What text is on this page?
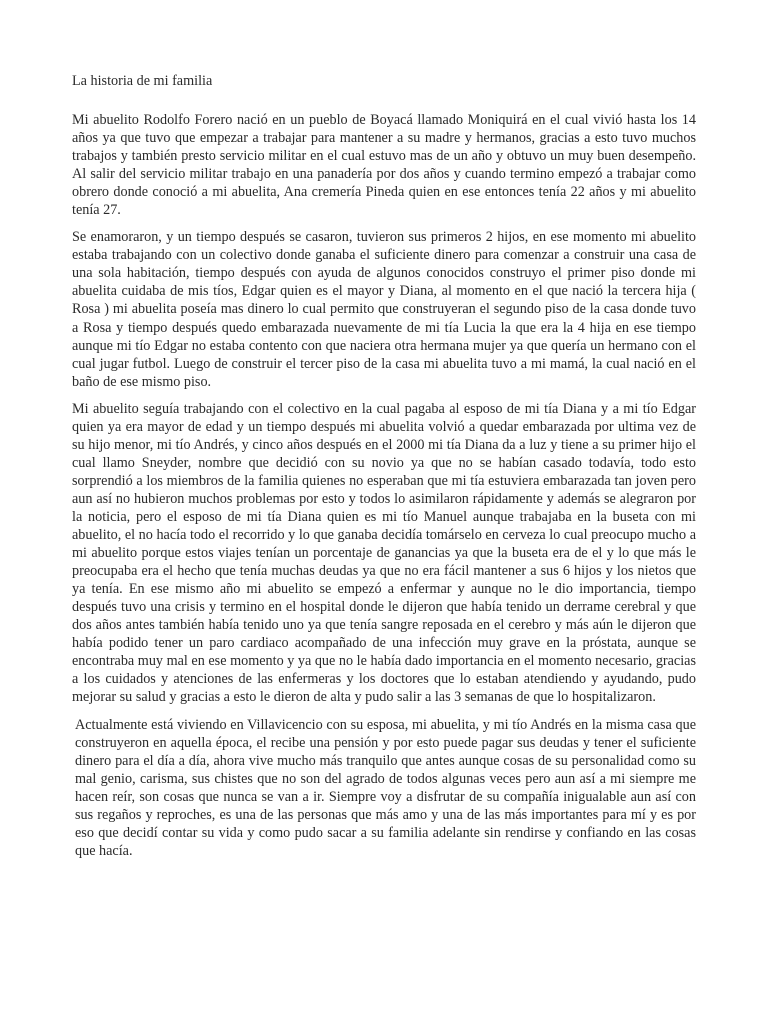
La historia de mi familia

Mi abuelito Rodolfo Forero nació en un pueblo de Boyacá llamado Moniquirá en el cual vivió hasta los 14 años ya que tuvo que empezar a trabajar para mantener a su madre y hermanos, gracias a esto tuvo muchos trabajos y también presto servicio militar en el cual estuvo mas de un año y obtuvo un muy buen desempeño. Al salir del servicio militar trabajo en una panadería por dos años y cuando termino empezó a trabajar como obrero donde conoció a mi abuelita, Ana cremería Pineda quien en ese entonces tenía 22 años y mi abuelito tenía 27.

Se enamoraron, y un tiempo después se casaron, tuvieron sus primeros 2 hijos, en ese momento mi abuelito estaba trabajando con un colectivo donde ganaba el suficiente dinero para comenzar a construir una casa de una sola habitación, tiempo después con ayuda de algunos conocidos construyo el primer piso donde mi abuelita cuidaba de mis tíos, Edgar quien es el mayor y Diana, al momento en el que nació la tercera hija ( Rosa ) mi abuelita poseía mas dinero lo cual permito que construyeran el segundo piso de la casa donde tuvo a Rosa y tiempo después quedo embarazada nuevamente de mi tía Lucia la que era la 4 hija en ese tiempo aunque mi tío Edgar no estaba contento con que naciera otra hermana mujer ya que quería un hermano con el cual jugar futbol. Luego de construir el tercer piso de la casa mi abuelita tuvo a mi mamá, la cual nació en el baño de ese mismo piso.

Mi abuelito seguía trabajando con el colectivo en la cual pagaba al esposo de mi tía Diana y a mi tío Edgar quien ya era mayor de edad y un tiempo después mi abuelita volvió a quedar embarazada por ultima vez de su hijo menor, mi tío Andrés, y cinco años después en el 2000 mi tía Diana da a luz y tiene a su primer hijo el cual llamo Sneyder, nombre que decidió con su novio ya que no se habían casado todavía, todo esto sorprendió a los miembros de la familia quienes no esperaban que mi tía estuviera embarazada tan joven pero aun así no hubieron muchos problemas por esto y todos lo asimilaron rápidamente y además se alegraron por la noticia, pero el esposo de mi tía Diana quien es mi tío Manuel aunque trabajaba en la buseta con mi abuelito, el no hacía todo el recorrido y lo que ganaba decidía tomárselo en cerveza lo cual preocupo mucho a mi abuelito porque estos viajes tenían un porcentaje de ganancias ya que la buseta era de el y lo que más le preocupaba era el hecho que tenía muchas deudas ya que no era fácil mantener a sus 6 hijos y los nietos que ya tenía. En ese mismo año mi abuelito se empezó a enfermar y aunque no le dio importancia, tiempo después tuvo una crisis y termino en el hospital donde le dijeron que había tenido un derrame cerebral y que dos años antes también había tenido uno ya que tenía sangre reposada en el cerebro y más aún le dijeron que había podido tener un paro cardiaco acompañado de una infección muy grave en la próstata, aunque se encontraba muy mal en ese momento y ya que no le había dado importancia en el momento necesario, gracias a los cuidados y atenciones de las enfermeras y los doctores que lo estaban atendiendo y ayudando, pudo mejorar su salud y gracias a esto le dieron de alta y pudo salir a las 3 semanas de que lo hospitalizaron.

Actualmente está viviendo en Villavicencio con su esposa, mi abuelita, y mi tío Andrés en la misma casa que construyeron en aquella época, el recibe una pensión y por esto puede pagar sus deudas y tener el suficiente dinero para el día a día, ahora vive mucho más tranquilo que antes aunque cosas de su personalidad como su mal genio, carisma, sus chistes que no son del agrado de todos algunas veces pero aun así a mi siempre me hacen reír, son cosas que nunca se van a ir. Siempre voy a disfrutar de su compañía inigualable aun así con sus regaños y reproches, es una de las personas que más amo y una de las más importantes para mí y es por eso que decidí contar su vida y como pudo sacar a su familia adelante sin rendirse y confiando en las cosas que hacía.
